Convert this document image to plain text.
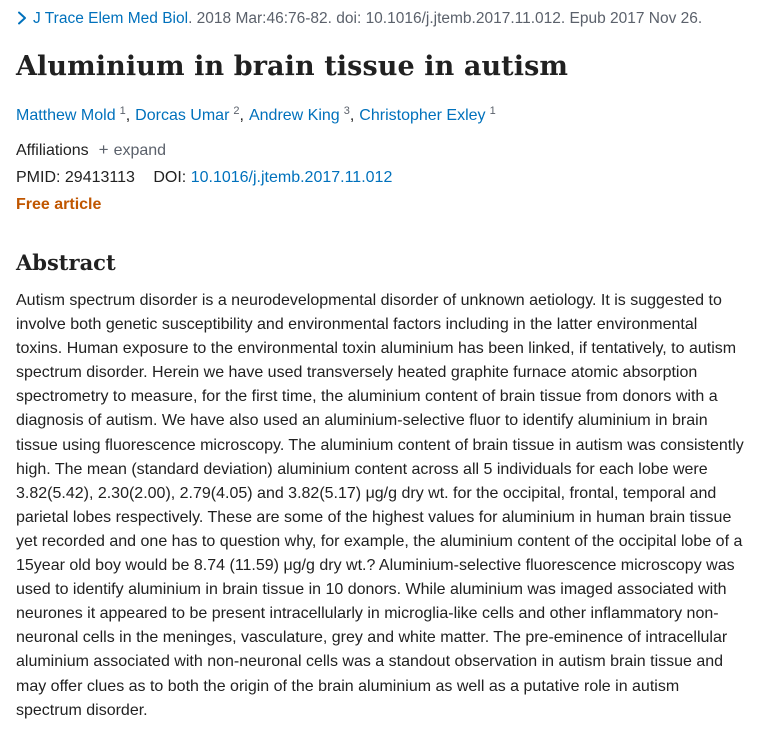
J Trace Elem Med Biol. 2018 Mar:46:76-82. doi: 10.1016/j.jtemb.2017.11.012. Epub 2017 Nov 26.
Aluminium in brain tissue in autism
Matthew Mold $^1$, Dorcas Umar $^2$, Andrew King $^3$, Christopher Exley $^1$
Affiliations + expand
PMID: 29413113 DOI: 10.1016/j.jtemb.2017.11.012
Free article
Abstract

Autism spectrum disorder is a neurodevelopmental disorder of unknown aetiology. It is suggested to involve both genetic susceptibility and environmental factors including in the latter environmental toxins. Human exposure to the environmental toxin aluminium has been linked, if tentatively, to autism spectrum disorder. Herein we have used transversely heated graphite furnace atomic absorption spectrometry to measure, for the first time, the aluminium content of brain tissue from donors with a diagnosis of autism. We have also used an aluminium-selective fluor to identify aluminium in brain tissue using fluorescence microscopy. The aluminium content of brain tissue in autism was consistently high. The mean (standard deviation) aluminium content across all 5 individuals for each lobe were 3.82(5.42), 2.30(2.00), 2.79(4.05) and 3.82(5.17) μg/g dry wt. for the occipital, frontal, temporal and parietal lobes respectively. These are some of the highest values for aluminium in human brain tissue yet recorded and one has to question why, for example, the aluminium content of the occipital lobe of a 15year old boy would be 8.74 (11.59) μg/g dry wt.? Aluminium-selective fluorescence microscopy was used to identify aluminium in brain tissue in 10 donors. While aluminium was imaged associated with neurones it appeared to be present intracellularly in microglia-like cells and other inflammatory non-neuronal cells in the meninges, vasculature, grey and white matter. The pre-eminence of intracellular aluminium associated with non-neuronal cells was a standout observation in autism brain tissue and may offer clues as to both the origin of the brain aluminium as well as a putative role in autism spectrum disorder.
